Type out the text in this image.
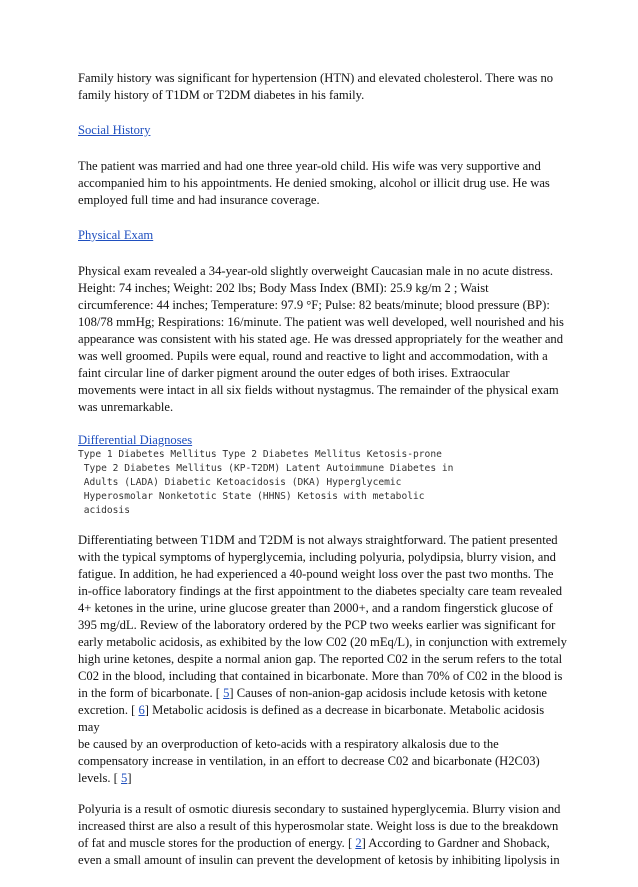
Family history was significant for hypertension (HTN) and elevated cholesterol. There was no

family history of T1DM or T2DM diabetes in his family.

Social History

The patient was married and had one three year-old child. His wife was very supportive and

accompanied him to his appointments. He denied smoking, alcohol or illicit drug use. He was

employed full time and had insurance coverage.

Physical Exam

Physical exam revealed a 34-year-old slightly overweight Caucasian male in no acute distress.

Height: 74 inches; Weight: 202 lbs; Body Mass Index (BMI): 25.9 kg/m 2 ; Waist

circumference: 44 inches; Temperature: 97.9 °F; Pulse: 82 beats/minute; blood pressure (BP):

108/78 mmHg; Respirations: 16/minute. The patient was well developed, well nourished and his

appearance was consistent with his stated age. He was dressed appropriately for the weather and

was well groomed. Pupils were equal, round and reactive to light and accommodation, with a

faint circular line of darker pigment around the outer edges of both irises. Extraocular

movements were intact in all six fields without nystagmus. The remainder of the physical exam

was unremarkable.

Differential Diagnoses

Type 1 Diabetes Mellitus Type 2 Diabetes Mellitus Ketosis-prone
Type 2 Diabetes Mellitus (KP-T2DM) Latent Autoimmune Diabetes in
Adults (LADA) Diabetic Ketoacidosis (DKA) Hyperglycemic
Hyperosmolar Nonketotic State (HHNS) Ketosis with metabolic
acidosis

Differentiating between T1DM and T2DM is not always straightforward. The patient presented

with the typical symptoms of hyperglycemia, including polyuria, polydipsia, blurry vision, and

fatigue. In addition, he had experienced a 40-pound weight loss over the past two months. The

in-office laboratory findings at the first appointment to the diabetes specialty care team revealed

4+ ketones in the urine, urine glucose greater than 2000+, and a random fingerstick glucose of

395 mg/dL. Review of the laboratory ordered by the PCP two weeks earlier was significant for

early metabolic acidosis, as exhibited by the low C02 (20 mEq/L), in conjunction with extremely

high urine ketones, despite a normal anion gap. The reported C02 in the serum refers to the total

C02 in the blood, including that contained in bicarbonate. More than 70% of C02 in the blood is

in the form of bicarbonate. [ 5] Causes of non-anion-gap acidosis include ketosis with ketone

excretion. [ 6] Metabolic acidosis is defined as a decrease in bicarbonate. Metabolic acidosis may

be caused by an overproduction of keto-acids with a respiratory alkalosis due to the

compensatory increase in ventilation, in an effort to decrease C02 and bicarbonate (H2C03)

levels. [ 5]

Polyuria is a result of osmotic diuresis secondary to sustained hyperglycemia. Blurry vision and

increased thirst are also a result of this hyperosmolar state. Weight loss is due to the breakdown

of fat and muscle stores for the production of energy. [ 2] According to Gardner and Shoback,

even a small amount of insulin can prevent the development of ketosis by inhibiting lipolysis in
